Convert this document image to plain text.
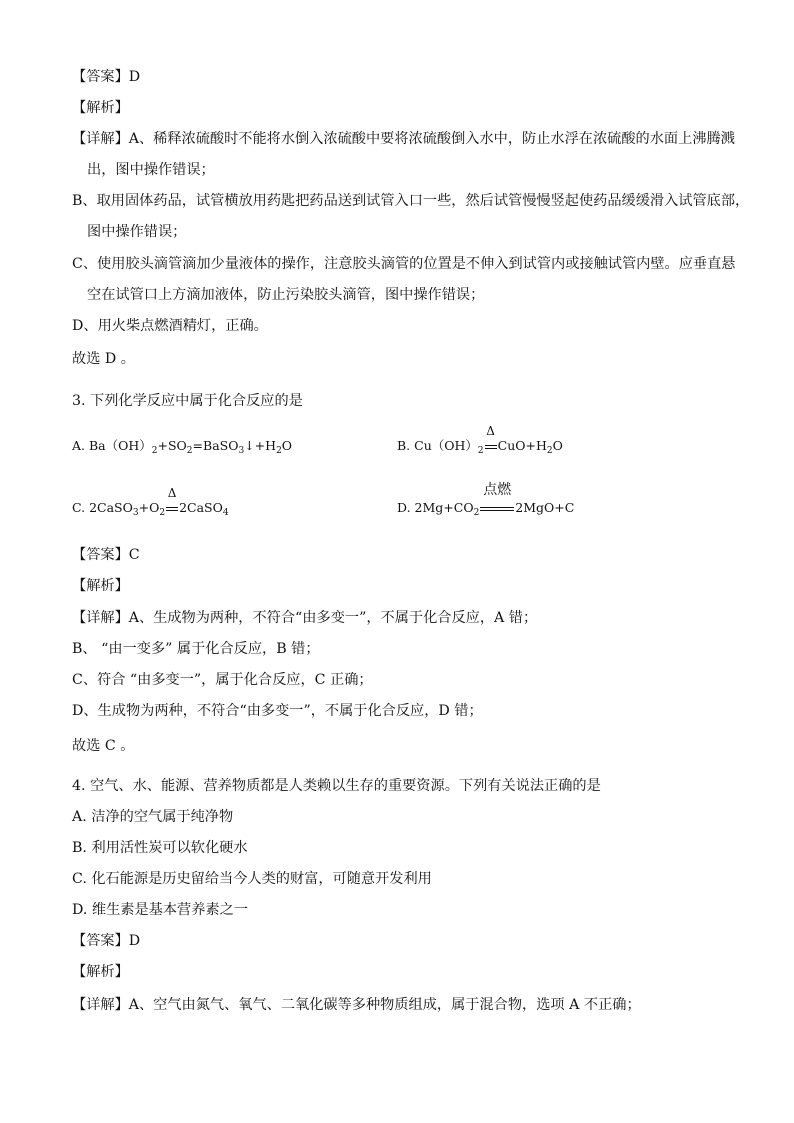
【答案】D
【解析】
【详解】A、稀释浓硫酸时不能将水倒入浓硫酸中要将浓硫酸倒入水中，防止水浮在浓硫酸的水面上沸腾溅
出，图中操作错误；
B、取用固体药品，试管横放用药匙把药品送到试管入口一些，然后试管慢慢竖起使药品缓缓滑入试管底部，
图中操作错误；
C、使用胶头滴管滴加少量液体的操作，注意胶头滴管的位置是不伸入到试管内或接触试管内壁。应垂直悬
空在试管口上方滴加液体，防止污染胶头滴管，图中操作错误；
D、用火柴点燃酒精灯，正确。
故选 D 。
3. 下列化学反应中属于化合反应的是
A. $Ba(OH)_2+SO_2=BaSO_3↓+H_2O$	B. $Cu(OH)_2$
Δ
$CuO+H_2O$
C. $2CaSO_3+O_2$
Δ
2CaSO$_4$	D. $2Mg+CO_2$
点燃
2MgO+C
【答案】C
【解析】
【详解】A、生成物为两种，不符合“由多变一”，不属于化合反应，A 错；
B、 “由一变多” 属于化合反应，B 错；
C、符合 “由多变一”，属于化合反应，C 正确；
D、生成物为两种，不符合“由多变一”，不属于化合反应，D 错；
故选 C 。
4. 空气、水、能源、营养物质都是人类赖以生存的重要资源。下列有关说法正确的是
A. 洁净的空气属于纯净物
B. 利用活性炭可以软化硬水
C. 化石能源是历史留给当今人类的财富，可随意开发利用
D. 维生素是基本营养素之一
【答案】D
【解析】
【详解】A、空气由氮气、氧气、二氧化碳等多种物质组成，属于混合物，选项 A 不正确；
